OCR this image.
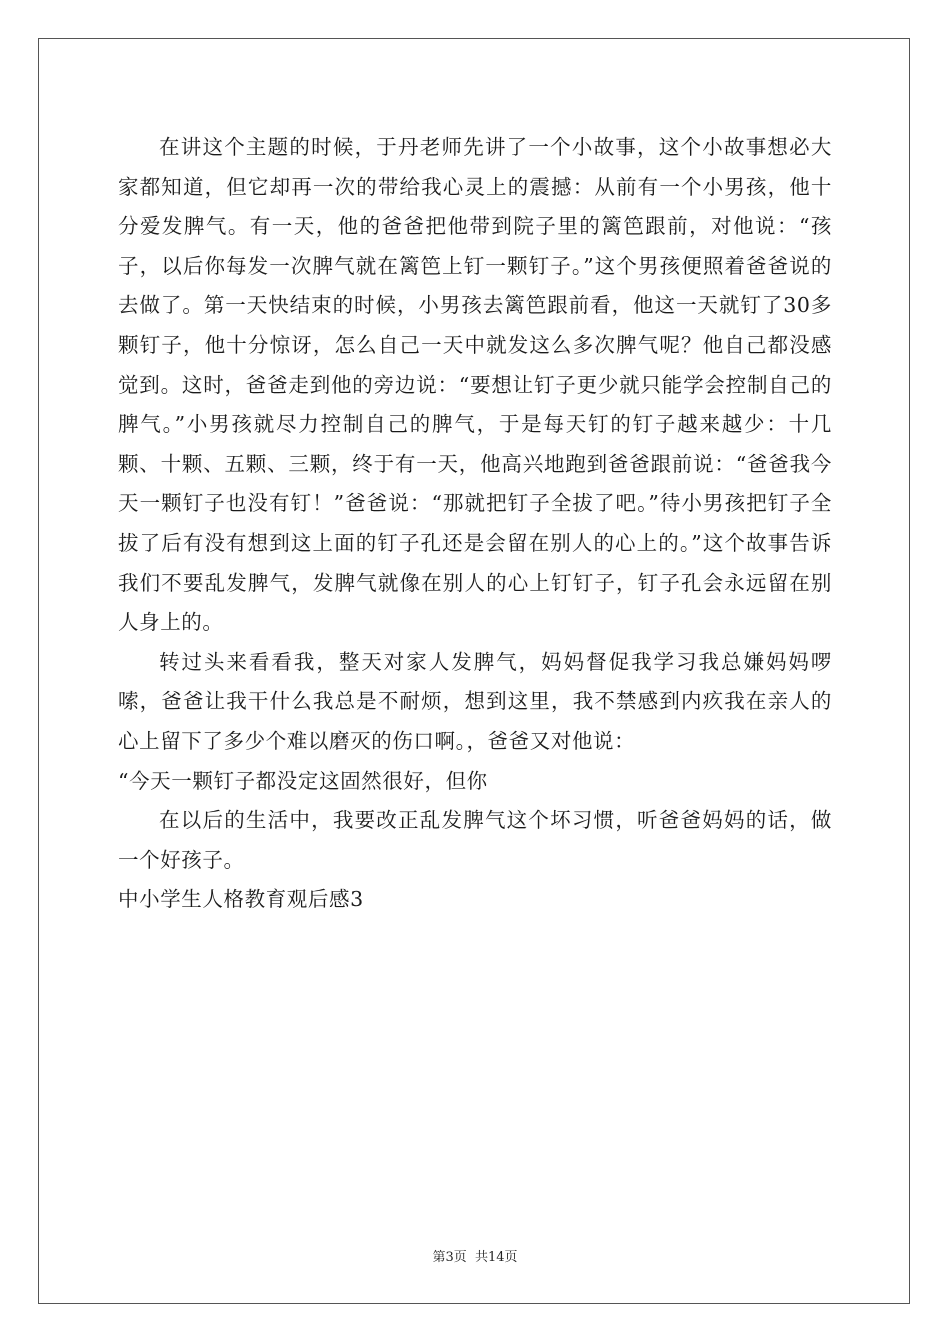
在讲这个主题的时候，于丹老师先讲了一个小故事，这个小故事想必大家都知道，但它却再一次的带给我心灵上的震撼：从前有一个小男孩，他十分爱发脾气。有一天，他的爸爸把他带到院子里的篱笆跟前，对他说：“孩子，以后你每发一次脾气就在篱笆上钉一颗钉子。”这个男孩便照着爸爸说的去做了。第一天快结束的时候，小男孩去篱笆跟前看，他这一天就钉了30多颗钉子，他十分惊讶，怎么自己一天中就发这么多次脾气呢？他自己都没感觉到。这时，爸爸走到他的旁边说：“要想让钉子更少就只能学会控制自己的脾气。”小男孩就尽力控制自己的脾气，于是每天钉的钉子越来越少：十几颗、十颗、五颗、三颗，终于有一天，他高兴地跑到爸爸跟前说：“爸爸我今天一颗钉子也没有钉！”爸爸说：“那就把钉子全拔了吧。”待小男孩把钉子全拔了后有没有想到这上面的钉子孔还是会留在别人的心上的。”这个故事告诉我们不要乱发脾气，发脾气就像在别人的心上钉钉子，钉子孔会永远留在别人身上的。

转过头来看看我，整天对家人发脾气，妈妈督促我学习我总嫌妈妈啰嗦，爸爸让我干什么我总是不耐烦，想到这里，我不禁感到内疚我在亲人的心上留下了多少个难以磨灭的伤口啊。，爸爸又对他说：

“今天一颗钉子都没定这固然很好，但你

在以后的生活中，我要改正乱发脾气这个坏习惯，听爸爸妈妈的话，做一个好孩子。

中小学生人格教育观后感3

第3页 共14页
